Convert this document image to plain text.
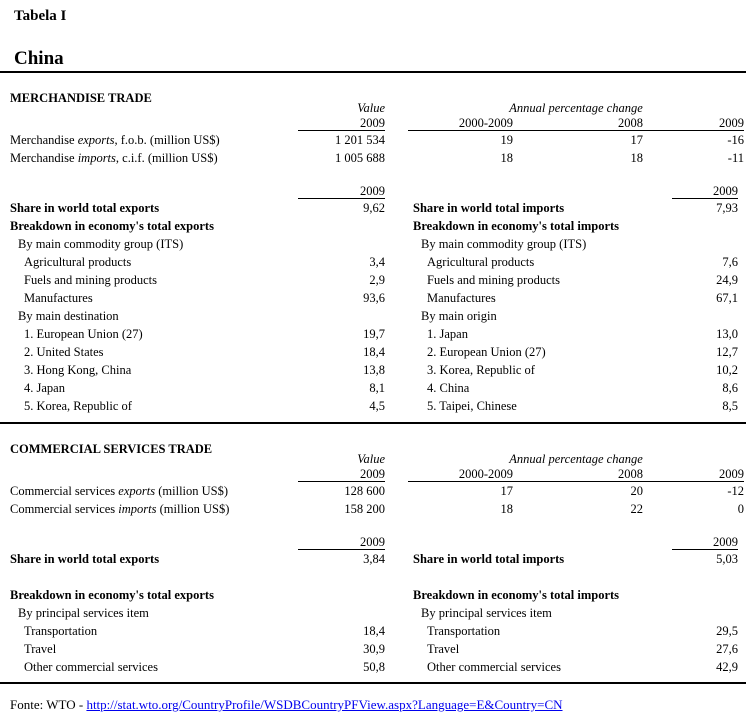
Tabela I
China
MERCHANDISE TRADE
Value	Annual percentage change
2009	2000-2009	2008	2009
Merchandise exports, f.o.b. (million US$)	1 201 534	19	17	-16
Merchandise imports, c.i.f. (million US$)	1 005 688	18	18	-11
2009	2009
Share in world total exports	9,62 Share in world total imports	7,93
Breakdown in economy's total exports	Breakdown in economy's total imports
By main commodity group (ITS)	By main commodity group (ITS)
Agricultural products	3,4	Agricultural products	7,6
Fuels and mining products	2,9	Fuels and mining products	24,9
Manufactures	93,6	Manufactures	67,1
By main destination	By main origin
1. European Union (27)	19,7	1. Japan	13,0
2. United States	18,4	2. European Union (27)	12,7
3. Hong Kong, China	13,8	3. Korea, Republic of	10,2
4. Japan	8,1	4. China	8,6
5. Korea, Republic of	4,5	5. Taipei, Chinese	8,5
COMMERCIAL SERVICES TRADE
Value	Annual percentage change
2009	2000-2009	2008	2009
Commercial services exports (million US$)	128 600	17	20	-12
Commercial services imports (million US$)	158 200	18	22	0
2009	2009
Share in world total exports	3,84 Share in world total imports	5,03
Breakdown in economy's total exports	Breakdown in economy's total imports
By principal services item	By principal services item
Transportation	18,4	Transportation	29,5
Travel	30,9	Travel	27,6
Other commercial services	50,8	Other commercial services	42,9
Fonte: WTO - http://stat.wto.org/CountryProfile/WSDBCountryPFView.aspx?Language=E&Country=CN
